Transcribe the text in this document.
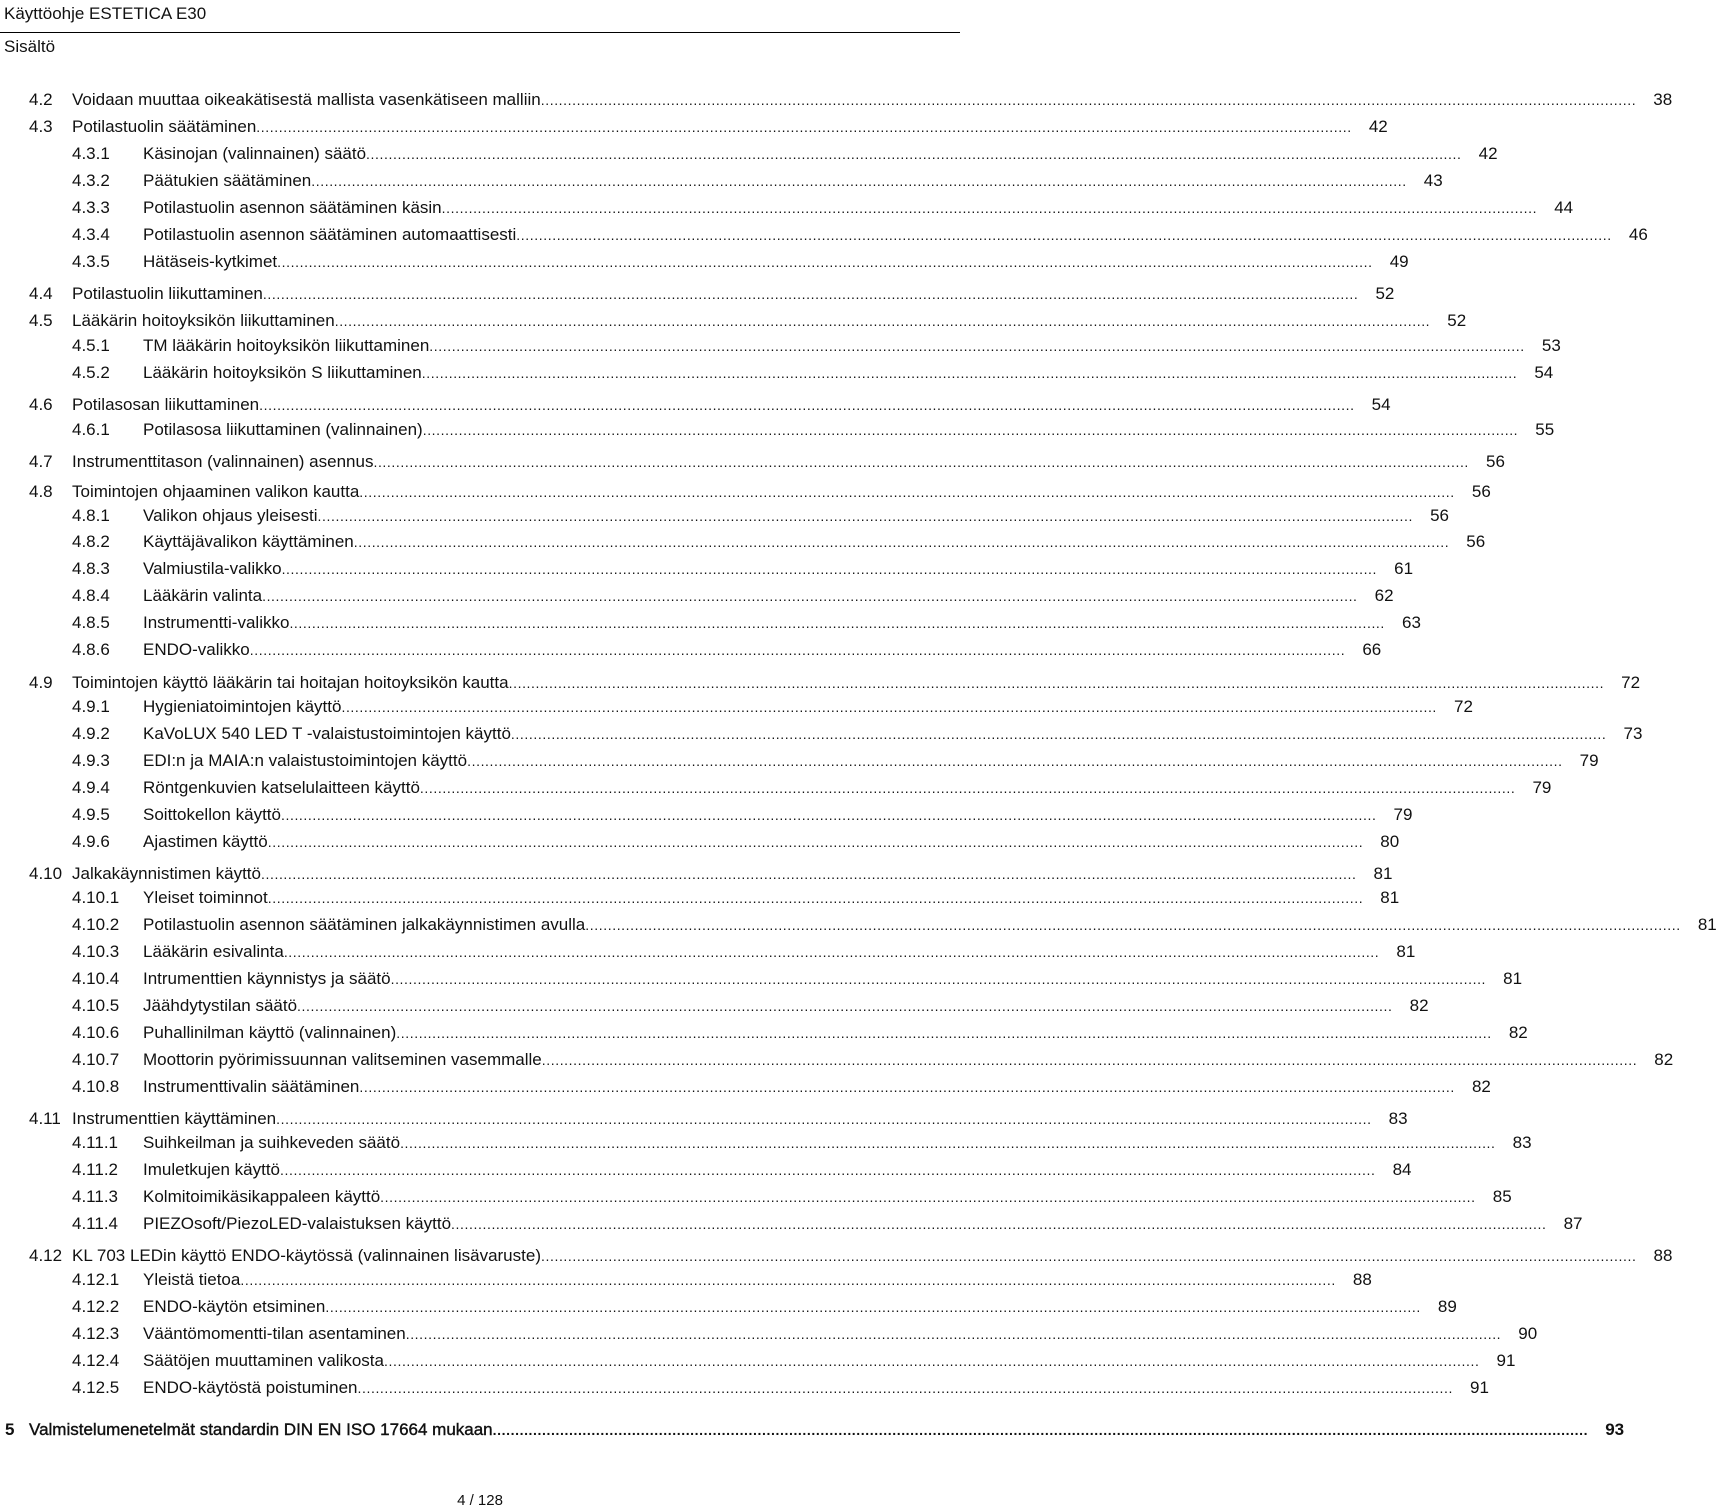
Käyttöohje ESTETICA E30
Sisältö
4.2	Voidaan muuttaa oikeakätisestä mallista vasenkätiseen malliin ....................................................................................................................................................................................................................................................	38
4.3	Potilastuolin säätäminen ....................................................................................................................................................................................................................................................	42
4.3.1	Käsinojan (valinnainen) säätö ....................................................................................................................................................................................................................................................	42
4.3.2	Päätukien säätäminen ....................................................................................................................................................................................................................................................	43
4.3.3	Potilastuolin asennon säätäminen käsin ....................................................................................................................................................................................................................................................	44
4.3.4	Potilastuolin asennon säätäminen automaattisesti ....................................................................................................................................................................................................................................................	46
4.3.5	Hätäseis-kytkimet ....................................................................................................................................................................................................................................................	49
4.4	Potilastuolin liikuttaminen ....................................................................................................................................................................................................................................................	52
4.5	Lääkärin hoitoyksikön liikuttaminen ....................................................................................................................................................................................................................................................	52
4.5.1	TM lääkärin hoitoyksikön liikuttaminen ....................................................................................................................................................................................................................................................	53
4.5.2	Lääkärin hoitoyksikön S liikuttaminen ....................................................................................................................................................................................................................................................	54
4.6	Potilasosan liikuttaminen ....................................................................................................................................................................................................................................................	54
4.6.1	Potilasosa liikuttaminen (valinnainen) ....................................................................................................................................................................................................................................................	55
4.7	Instrumenttitason (valinnainen) asennus ....................................................................................................................................................................................................................................................	56
4.8	Toimintojen ohjaaminen valikon kautta ....................................................................................................................................................................................................................................................	56
4.8.1	Valikon ohjaus yleisesti ....................................................................................................................................................................................................................................................	56
4.8.2	Käyttäjävalikon käyttäminen ....................................................................................................................................................................................................................................................	56
4.8.3	Valmiustila-valikko ....................................................................................................................................................................................................................................................	61
4.8.4	Lääkärin valinta ....................................................................................................................................................................................................................................................	62
4.8.5	Instrumentti-valikko ....................................................................................................................................................................................................................................................	63
4.8.6	ENDO-valikko ....................................................................................................................................................................................................................................................	66
4.9	Toimintojen käyttö lääkärin tai hoitajan hoitoyksikön kautta ....................................................................................................................................................................................................................................................	72
4.9.1	Hygieniatoimintojen käyttö ....................................................................................................................................................................................................................................................	72
4.9.2	KaVoLUX 540 LED T -valaistustoimintojen käyttö ....................................................................................................................................................................................................................................................	73
4.9.3	EDI:n ja MAIA:n valaistustoimintojen käyttö ....................................................................................................................................................................................................................................................	79
4.9.4	Röntgenkuvien katselulaitteen käyttö ....................................................................................................................................................................................................................................................	79
4.9.5	Soittokellon käyttö ....................................................................................................................................................................................................................................................	79
4.9.6	Ajastimen käyttö ....................................................................................................................................................................................................................................................	80
4.10 Jalkakäynnistimen käyttö ....................................................................................................................................................................................................................................................	81
4.10.1	Yleiset toiminnot ....................................................................................................................................................................................................................................................	81
4.10.2	Potilastuolin asennon säätäminen jalkakäynnistimen avulla ....................................................................................................................................................................................................................................................	81
4.10.3	Lääkärin esivalinta ....................................................................................................................................................................................................................................................	81
4.10.4	Intrumenttien käynnistys ja säätö ....................................................................................................................................................................................................................................................	81
4.10.5	Jäähdytystilan säätö ....................................................................................................................................................................................................................................................	82
4.10.6	Puhallinilman käyttö (valinnainen) ....................................................................................................................................................................................................................................................	82
4.10.7	Moottorin pyörimissuunnan valitseminen vasemmalle ....................................................................................................................................................................................................................................................	82
4.10.8	Instrumenttivalin säätäminen ....................................................................................................................................................................................................................................................	82
4.11 Instrumenttien käyttäminen ....................................................................................................................................................................................................................................................	83
4.11.1	Suihkeilman ja suihkeveden säätö ....................................................................................................................................................................................................................................................	83
4.11.2	Imuletkujen käyttö ....................................................................................................................................................................................................................................................	84
4.11.3	Kolmitoimikäsikappaleen käyttö ....................................................................................................................................................................................................................................................	85
4.11.4	PIEZOsoft/PiezoLED-valaistuksen käyttö ....................................................................................................................................................................................................................................................	87
4.12 KL 703 LEDin käyttö ENDO-käytössä (valinnainen lisävaruste) ....................................................................................................................................................................................................................................................	88
4.12.1	Yleistä tietoa ....................................................................................................................................................................................................................................................	88
4.12.2	ENDO-käytön etsiminen ....................................................................................................................................................................................................................................................	89
4.12.3	Vääntömomentti-tilan asentaminen ....................................................................................................................................................................................................................................................	90
4.12.4	Säätöjen muuttaminen valikosta ....................................................................................................................................................................................................................................................	91
4.12.5	ENDO-käytöstä poistuminen ....................................................................................................................................................................................................................................................	91
5 Valmistelumenetelmät standardin DIN EN ISO 17664 mukaan ....................................................................................................................................................................................................................................................	93
4 / 128
